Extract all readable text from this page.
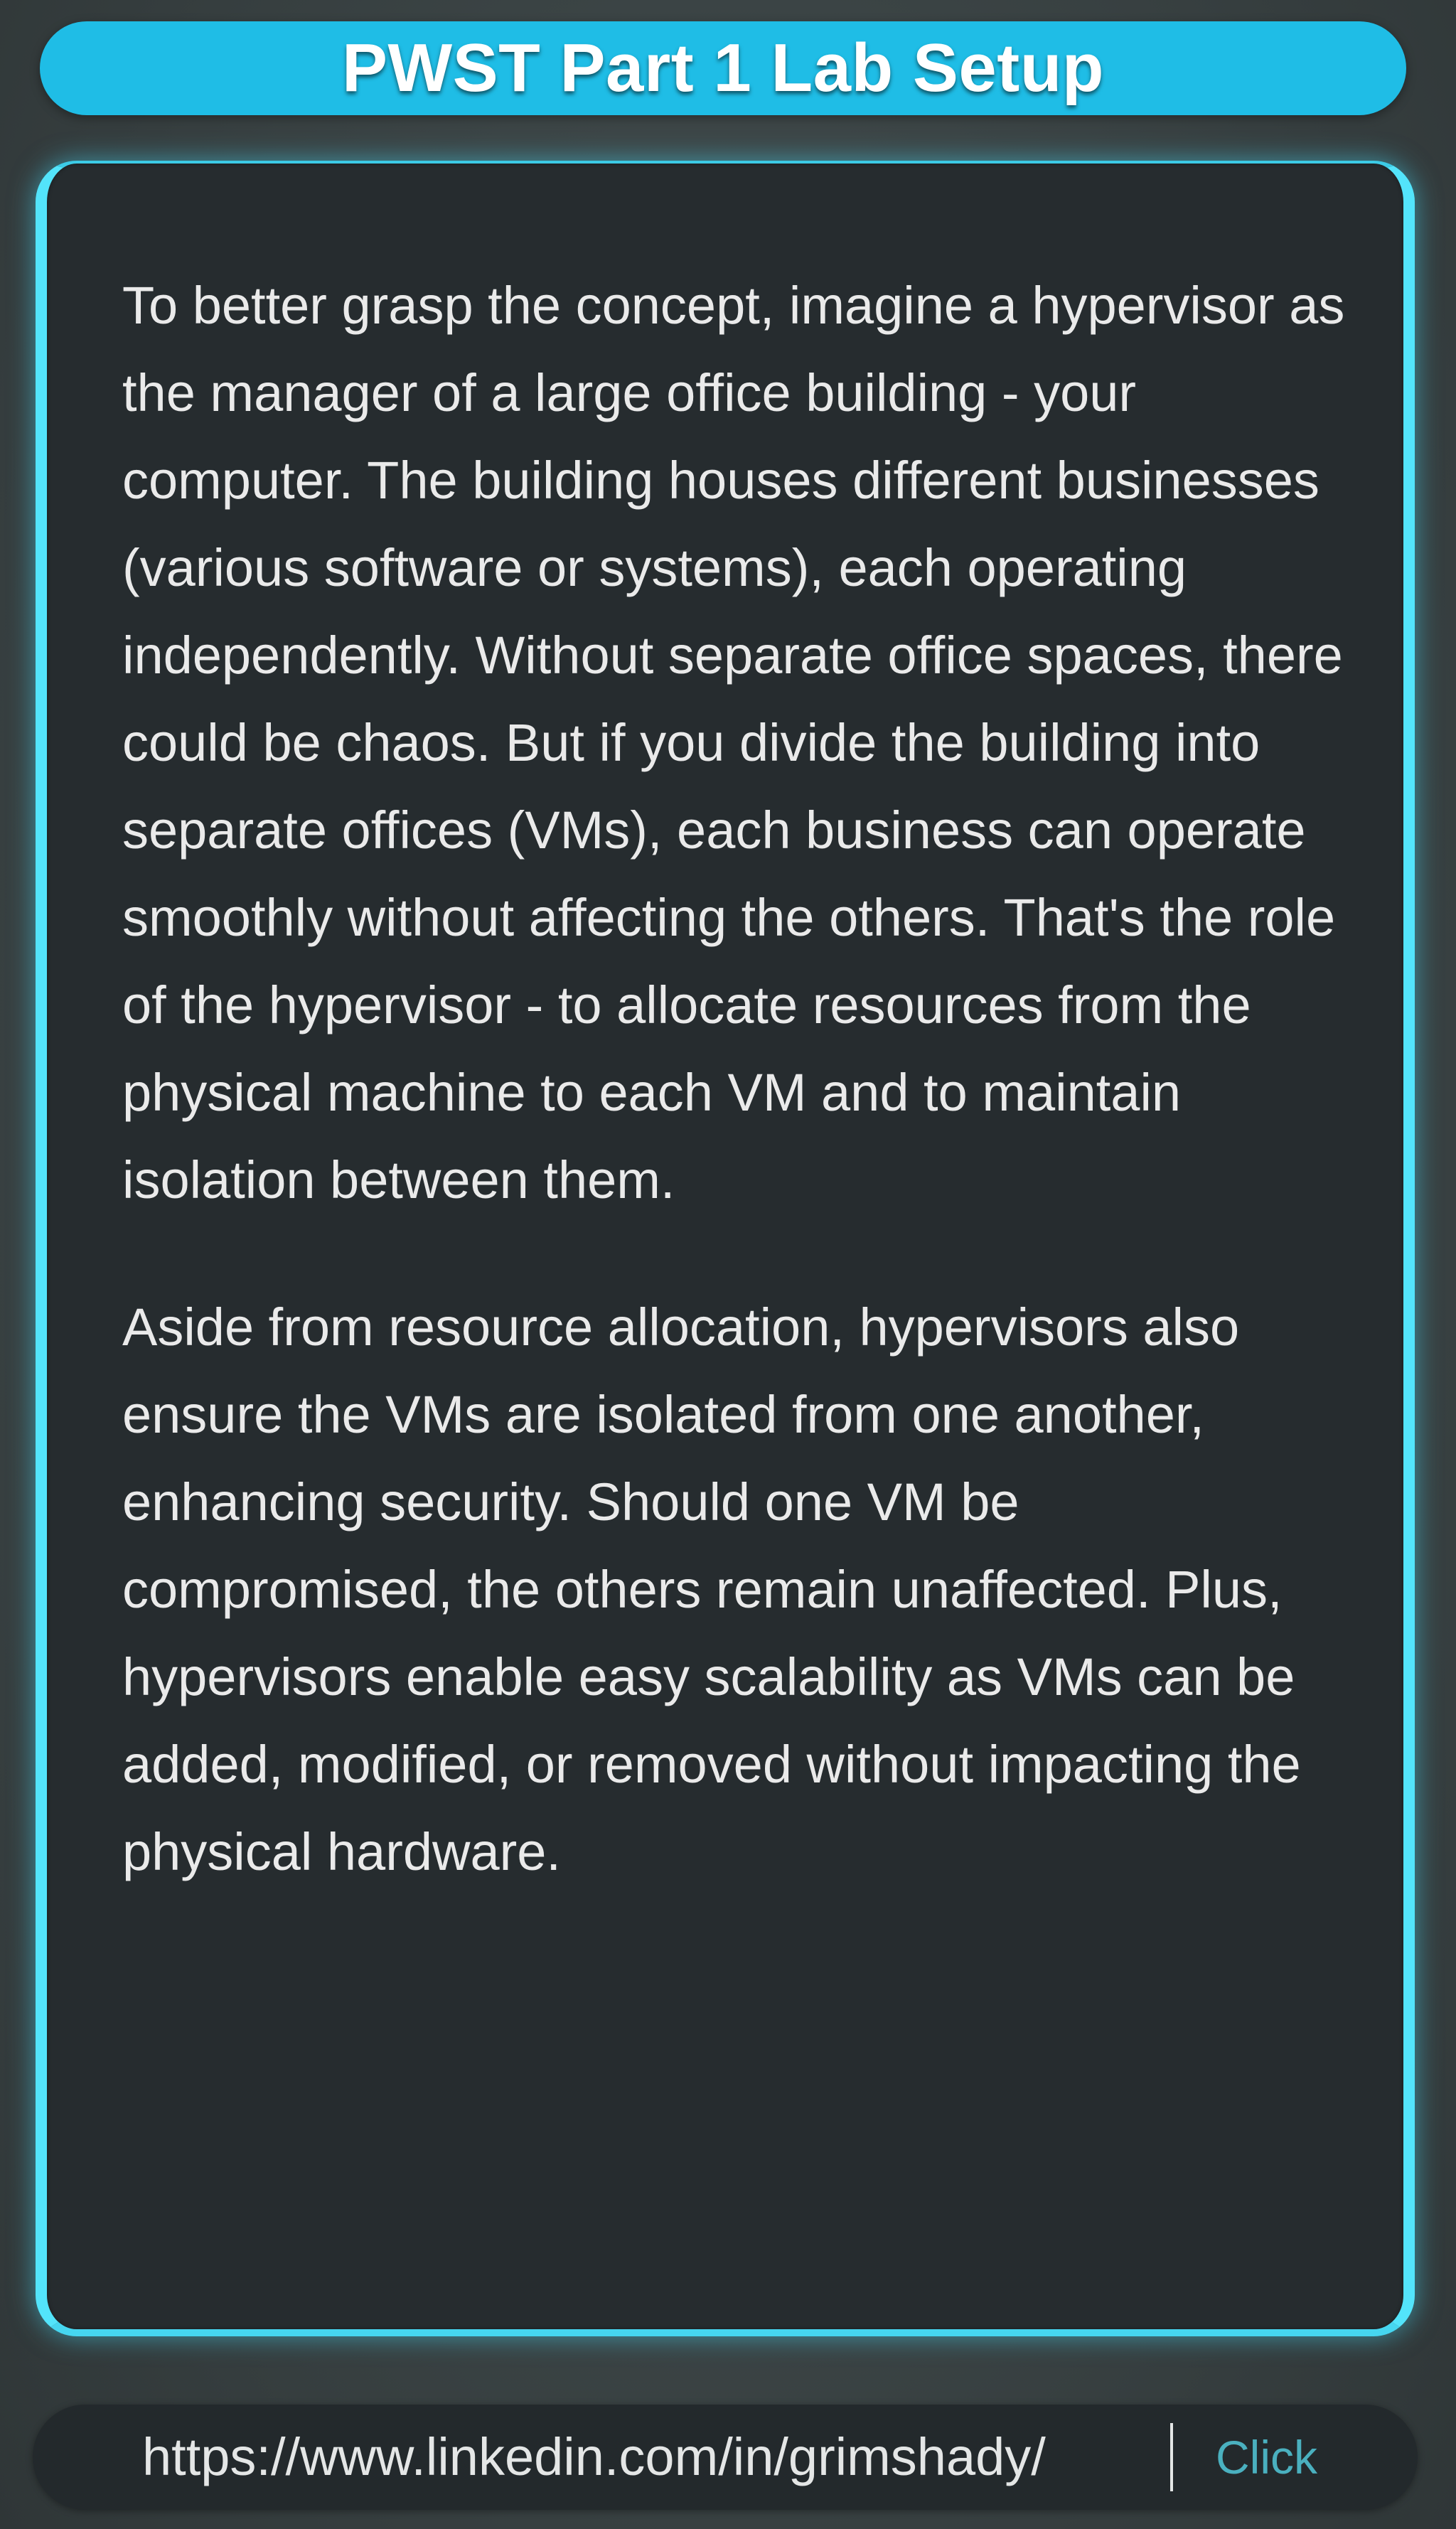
PWST Part 1 Lab Setup

To better grasp the concept, imagine a hypervisor as the manager of a large office building - your computer. The building houses different businesses (various software or systems), each operating independently. Without separate office spaces, there could be chaos. But if you divide the building into separate offices (VMs), each business can operate smoothly without affecting the others. That's the role of the hypervisor - to allocate resources from the physical machine to each VM and to maintain isolation between them.

Aside from resource allocation, hypervisors also ensure the VMs are isolated from one another, enhancing security. Should one VM be compromised, the others remain unaffected. Plus, hypervisors enable easy scalability as VMs can be added, modified, or removed without impacting the physical hardware.

https://www.linkedin.com/in/grimshady/	Click
